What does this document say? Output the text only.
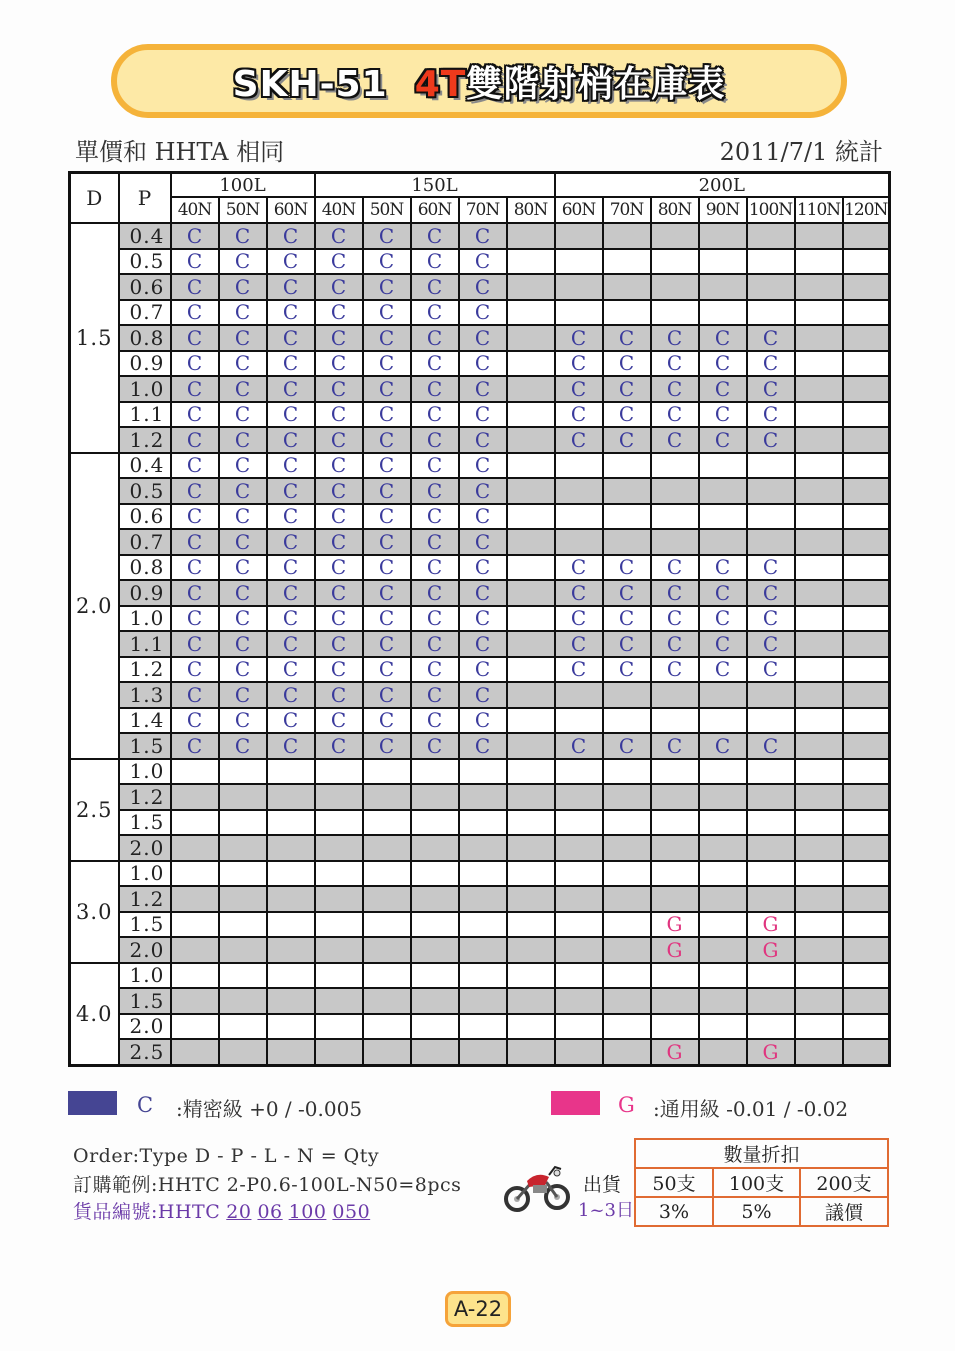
SKH-51 4T雙階射梢在庫表
單價和 HHTA 相同	2011/7/1 統計
D	P	100L			150L					200L						
		40N	50N	60N	40N	50N	60N	70N	80N	60N	70N	80N	90N	100N	110N	120N
1.5	0.4	C	C	C	C	C	C	C								
	0.5	C	C	C	C	C	C	C								
	0.6	C	C	C	C	C	C	C								
	0.7	C	C	C	C	C	C	C								
	0.8	C	C	C	C	C	C	C		C	C	C	C	C		
	0.9	C	C	C	C	C	C	C		C	C	C	C	C		
	1.0	C	C	C	C	C	C	C		C	C	C	C	C		
	1.1	C	C	C	C	C	C	C		C	C	C	C	C		
	1.2	C	C	C	C	C	C	C		C	C	C	C	C		
2.0	0.4	C	C	C	C	C	C	C								
	0.5	C	C	C	C	C	C	C								
	0.6	C	C	C	C	C	C	C								
	0.7	C	C	C	C	C	C	C								
	0.8	C	C	C	C	C	C	C		C	C	C	C	C		
	0.9	C	C	C	C	C	C	C		C	C	C	C	C		
	1.0	C	C	C	C	C	C	C		C	C	C	C	C		
	1.1	C	C	C	C	C	C	C		C	C	C	C	C		
	1.2	C	C	C	C	C	C	C		C	C	C	C	C		
	1.3	C	C	C	C	C	C	C								
	1.4	C	C	C	C	C	C	C								
	1.5	C	C	C	C	C	C	C		C	C	C	C	C		
2.5	1.0															
	1.2															
	1.5															
	2.0															
3.0	1.0															
	1.2															
	1.5											G		G		
	2.0											G		G		
4.0	1.0															
	1.5															
	2.0															
	2.5											G		G		
C :精密級 +0 / -0.005	G :通用級 -0.01 / -0.02
Order:Type D - P - L - N = Qty
訂購範例:HHTC 2-P0.6-100L-N50=8pcs
貨品編號:HHTC 20 06 100 050
出貨
1~3日
數量折扣		
50支	100支	200支
3%	5%	議價
A-22
